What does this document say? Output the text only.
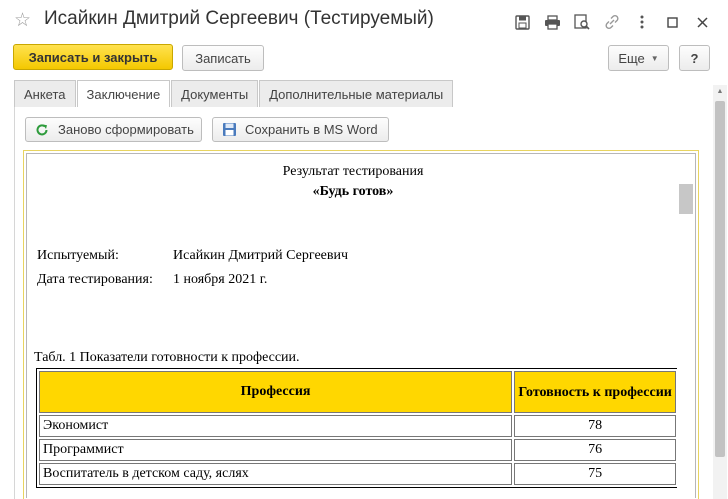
☆ Исайкин Дмитрий Сергеевич (Тестируемый)
Записать и закрыть	Записать	Еще ▼	?
Анкета	Заключение	Документы	Дополнительные материалы
Заново сформировать	Сохранить в MS Word
Результат тестирования
«Будь готов»
Испытуемый:	Исайкин Дмитрий Сергеевич
Дата тестирования: 1 ноября 2021 г.
Табл. 1 Показатели готовности к профессии.
Профессия	Готовность к профессии
Экономист	78
Программист	76
Воспитатель в детском саду, яслях	75
▲
